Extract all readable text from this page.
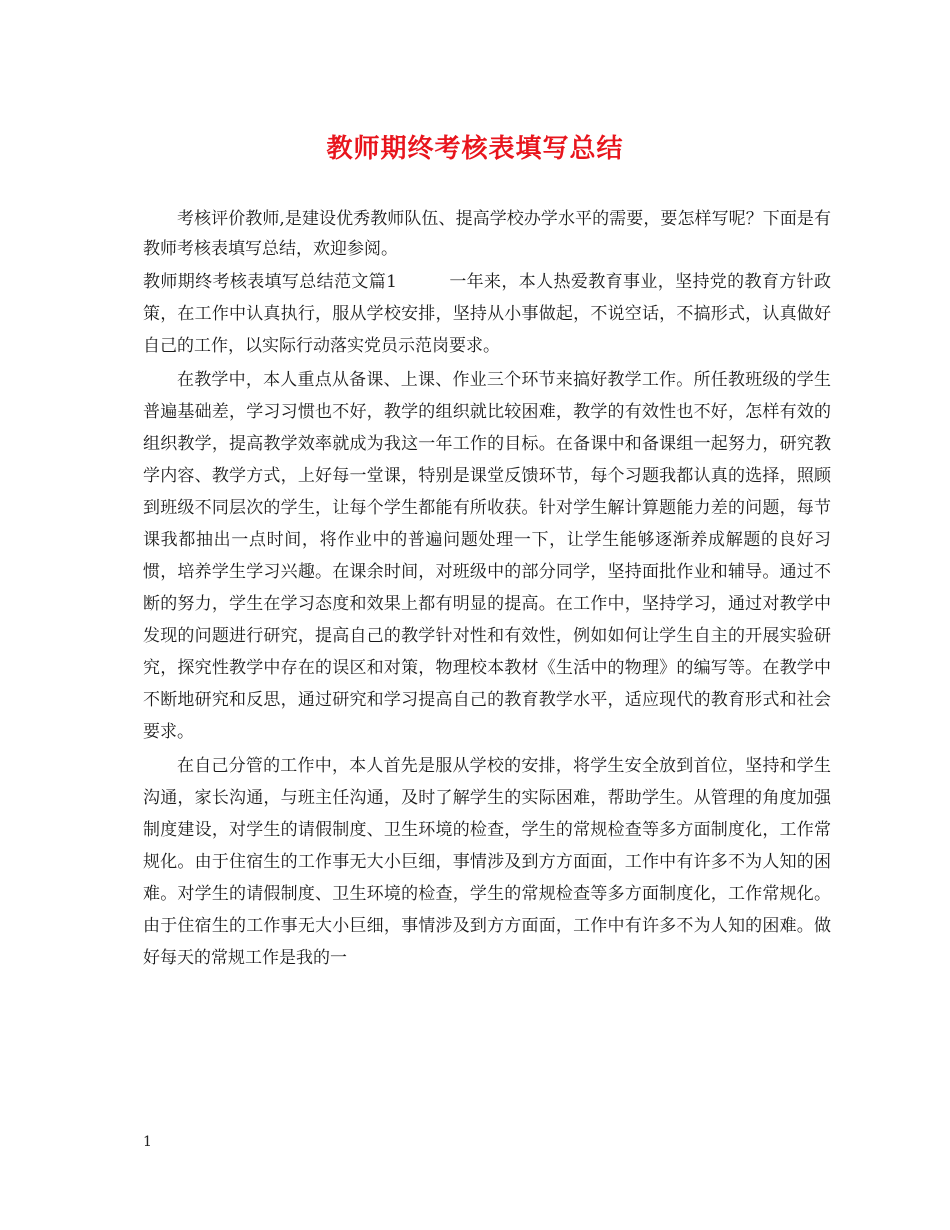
教师期终考核表填写总结

考核评价教师,是建设优秀教师队伍、提高学校办学水平的需要，要怎样写呢？下面是有教师考核表填写总结，欢迎参阅。

教师期终考核表填写总结范文篇1	一年来，本人热爱教育事业，坚持党的教育方针政策，在工作中认真执行，服从学校安排，坚持从小事做起，不说空话，不搞形式，认真做好自己的工作，以实际行动落实党员示范岗要求。

在教学中，本人重点从备课、上课、作业三个环节来搞好教学工作。所任教班级的学生普遍基础差，学习习惯也不好，教学的组织就比较困难，教学的有效性也不好，怎样有效的组织教学，提高教学效率就成为我这一年工作的目标。在备课中和备课组一起努力，研究教学内容、教学方式，上好每一堂课，特别是课堂反馈环节，每个习题我都认真的选择，照顾到班级不同层次的学生，让每个学生都能有所收获。针对学生解计算题能力差的问题，每节课我都抽出一点时间，将作业中的普遍问题处理一下，让学生能够逐渐养成解题的良好习惯，培养学生学习兴趣。在课余时间，对班级中的部分同学，坚持面批作业和辅导。通过不断的努力，学生在学习态度和效果上都有明显的提高。在工作中，坚持学习，通过对教学中发现的问题进行研究，提高自己的教学针对性和有效性，例如如何让学生自主的开展实验研究，探究性教学中存在的误区和对策，物理校本教材《生活中的物理》的编写等。在教学中不断地研究和反思，通过研究和学习提高自己的教育教学水平，适应现代的教育形式和社会要求。

在自己分管的工作中，本人首先是服从学校的安排，将学生安全放到首位，坚持和学生沟通，家长沟通，与班主任沟通，及时了解学生的实际困难，帮助学生。从管理的角度加强制度建设，对学生的请假制度、卫生环境的检查，学生的常规检查等多方面制度化，工作常规化。由于住宿生的工作事无大小巨细，事情涉及到方方面面，工作中有许多不为人知的困难。对学生的请假制度、卫生环境的检查，学生的常规检查等多方面制度化，工作常规化。由于住宿生的工作事无大小巨细，事情涉及到方方面面，工作中有许多不为人知的困难。做好每天的常规工作是我的一

1
